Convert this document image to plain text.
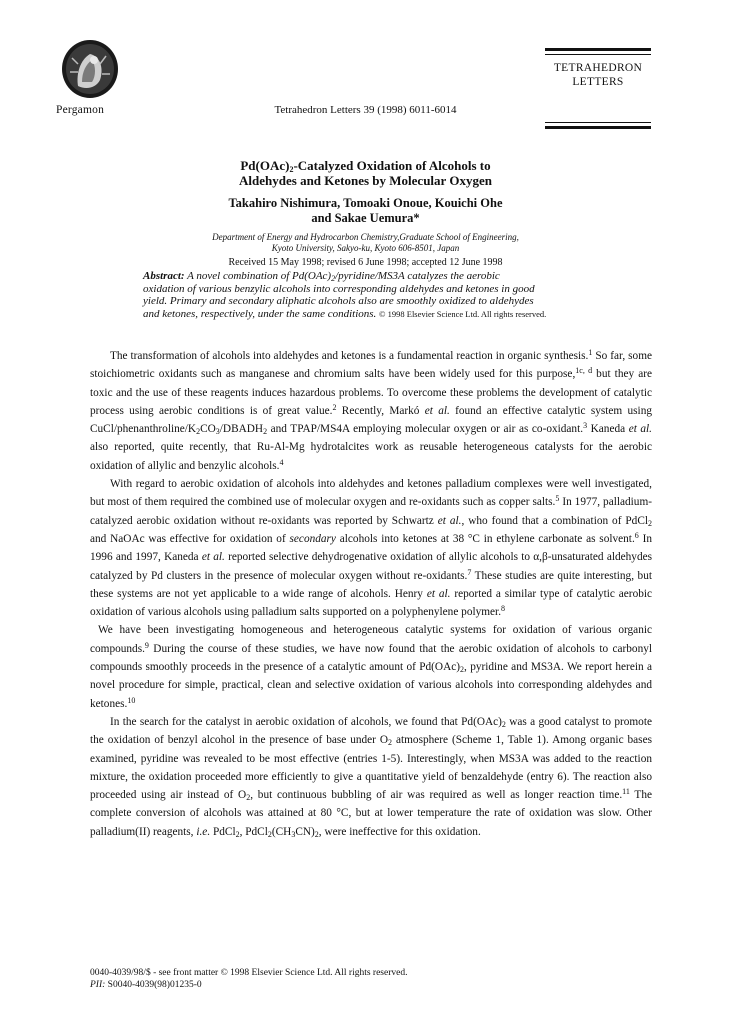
Pergamon	Tetrahedron Letters 39 (1998) 6011-6014
TETRAHEDRON
LETTERS
$Pd(OAc)_2$-Catalyzed Oxidation of Alcohols to
Aldehydes and Ketones by Molecular Oxygen
Takahiro Nishimura, Tomoaki Onoue, Kouichi Ohe
and Sakae Uemura*
Department of Energy and Hydrocarbon Chemistry,Graduate School of Engineering,
Kyoto University, Sakyo-ku, Kyoto 606-8501, Japan
Received 15 May 1998; revised 6 June 1998; accepted 12 June 1998
Abstract: A novel combination of $Pd(OAc)_2/pyridine/MS3A$ catalyzes the aerobic
oxidation of various benzylic alcohols into corresponding aldehydes and ketones in good
yield. Primary and secondary aliphatic alcohols also are smoothly oxidized to aldehydes
and ketones, respectively, under the same conditions. © 1998 Elsevier Science Ltd. All rights reserved.

The transformation of alcohols into aldehydes and ketones is a fundamental reaction in organic synthesis.$^1$ So far, some stoichiometric oxidants such as manganese and chromium salts have been widely used for this purpose,$^{1c, d}$ but they are toxic and the use of these reagents induces hazardous problems. To overcome these problems the development of catalytic process using aerobic conditions is of great value.$^2$ Recently, Markó et al. found an effective catalytic system using CuCl/$phenanthroline/K_2CO_3/DBADH_2$ and TPAP/MS4A employing molecular oxygen or air as co-oxidant.$^3$ Kaneda et al. also reported, quite recently, that Ru-Al-Mg hydrotalcites work as reusable heterogeneous catalysts for the aerobic oxidation of allylic and benzylic alcohols.$^4$

With regard to aerobic oxidation of alcohols into aldehydes and ketones palladium complexes were well investigated, but most of them required the combined use of molecular oxygen and re-oxidants such as copper salts.$^5$ In 1977, palladium-catalyzed aerobic oxidation without re-oxidants was reported by Schwartz et al., who found that a combination of PdCl$_2$ and NaOAc was effective for oxidation of secondary alcohols into ketones at 38 °C in ethylene carbonate as solvent.$^6$ In 1996 and 1997, Kaneda et al. reported selective dehydrogenative oxidation of allylic alcohols to α,β-unsaturated aldehydes catalyzed by Pd clusters in the presence of molecular oxygen without re-oxidants.$^7$ These studies are quite interesting, but these systems are not yet applicable to a wide range of alcohols. Henry et al. reported a similar type of catalytic aerobic oxidation of various alcohols using palladium salts supported on a polyphenylene polymer.$^8$

We have been investigating homogeneous and heterogeneous catalytic systems for oxidation of various organic compounds.$^9$ During the course of these studies, we have now found that the aerobic oxidation of alcohols to carbonyl compounds smoothly proceeds in the presence of a catalytic amount of $Pd(OAc)_2$, pyridine and MS3A. We report herein a novel procedure for simple, practical, clean and selective oxidation of various alcohols into corresponding aldehydes and ketones.$^{10}$

In the search for the catalyst in aerobic oxidation of alcohols, we found that $Pd(OAc)_2$ was a good catalyst to promote the oxidation of benzyl alcohol in the presence of base under $O_2$ atmosphere (Scheme 1, Table 1). Among organic bases examined, pyridine was revealed to be most effective (entries 1-5). Interestingly, when MS3A was added to the reaction mixture, the oxidation proceeded more efficiently to give a quantitative yield of benzaldehyde (entry 6). The reaction also proceeded using air instead of $O_2$, but continuous bubbling of air was required as well as longer reaction time.$^{11}$ The complete conversion of alcohols was attained at 80 °C, but at lower temperature the rate of oxidation was slow. Other palladium(II) reagents, i.e. PdCl$_2$, $PdCl_2(CH_3CN)_2$, were ineffective for this oxidation.

0040-4039/98/$ - see front matter © 1998 Elsevier Science Ltd. All rights reserved.
PII: S0040-4039(98)01235-0
